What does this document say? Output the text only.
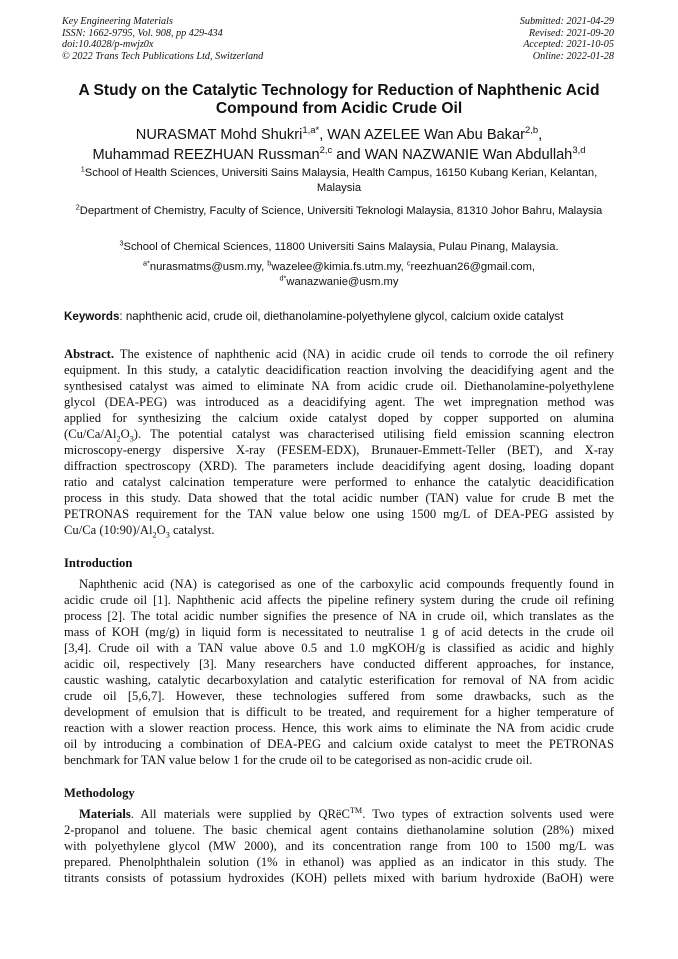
Key Engineering Materials
ISSN: 1662-9795, Vol. 908, pp 429-434
doi:10.4028/p-mwjz0x
© 2022 Trans Tech Publications Ltd, Switzerland
Submitted: 2021-04-29
Revised: 2021-09-20
Accepted: 2021-10-05
Online: 2022-01-28
A Study on the Catalytic Technology for Reduction of Naphthenic Acid
Compound from Acidic Crude Oil
NURASMAT Mohd Shukri$^{1,a*}$, WAN AZELEE Wan Abu Bakar$^{2,b}$,
Muhammad REEZHUAN Russman$^{2,c}$ and WAN NAZWANIE Wan Abdullah$^{3,d}$
$^1$School of Health Sciences, Universiti Sains Malaysia, Health Campus, 16150 Kubang Kerian, Kelantan, Malaysia
$^2$Department of Chemistry, Faculty of Science, Universiti Teknologi Malaysia, 81310 Johor Bahru, Malaysia
$^3$School of Chemical Sciences, 11800 Universiti Sains Malaysia, Pulau Pinang, Malaysia.
$^{a*}$nurasmatms@usm.my, $^b$wazelee@kimia.fs.utm.my, $^c$reezhuan26@gmail.com,
$^{d*}$wanazwanie@usm.my
Keywords: naphthenic acid, crude oil, diethanolamine-polyethylene glycol, calcium oxide catalyst
Abstract. The existence of naphthenic acid (NA) in acidic crude oil tends to corrode the oil refinery
equipment. In this study, a catalytic deacidification reaction involving the deacidifying agent and the
synthesised catalyst was aimed to eliminate NA from acidic crude oil. Diethanolamine-polyethylene
glycol (DEA-PEG) was introduced as a deacidifying agent. The wet impregnation method was
applied for synthesizing the calcium oxide catalyst doped by copper supported on alumina
$(Cu/Ca/Al_2O_3)$. The potential catalyst was characterised utilising field emission scanning electron
microscopy-energy dispersive X-ray (FESEM-EDX), Brunauer-Emmett-Teller (BET), and X-ray
diffraction spectroscopy (XRD). The parameters include deacidifying agent dosing, loading dopant
ratio and catalyst calcination temperature were performed to enhance the catalytic deacidification
process in this study. Data showed that the total acidic number (TAN) value for crude B met the
PETRONAS requirement for the TAN value below one using 1500 mg/L of DEA-PEG assisted by
Cu/Ca $(10:90)/Al_2O_3$ catalyst.
Introduction
Naphthenic acid (NA) is categorised as one of the carboxylic acid compounds frequently found in
acidic crude oil [1]. Naphthenic acid affects the pipeline refinery system during the crude oil refining
process [2]. The total acidic number signifies the presence of NA in crude oil, which translates as the
mass of KOH (mg/g) in liquid form is necessitated to neutralise 1 g of acid detects in the crude oil
[3,4]. Crude oil with a TAN value above 0.5 and 1.0 mgKOH/g is classified as acidic and highly
acidic oil, respectively [3]. Many researchers have conducted different approaches, for instance,
caustic washing, catalytic decarboxylation and catalytic esterification for removal of NA from acidic
crude oil [5,6,7]. However, these technologies suffered from some drawbacks, such as the
development of emulsion that is difficult to be treated, and requirement for a higher temperature of
reaction with a slower reaction process. Hence, this work aims to eliminate the NA from acidic crude
oil by introducing a combination of DEA-PEG and calcium oxide catalyst to meet the PETRONAS
benchmark for TAN value below 1 for the crude oil to be categorised as non-acidic crude oil.
Methodology
Materials. All materials were supplied by QRëC™. Two types of extraction solvents used were
2-propanol and toluene. The basic chemical agent contains diethanolamine solution (28%) mixed
with polyethylene glycol (MW 2000), and its concentration range from 100 to 1500 mg/L was
prepared. Phenolphthalein solution (1% in ethanol) was applied as an indicator in this study. The
titrants consists of potassium hydroxides (KOH) pellets mixed with barium hydroxide (BaOH) were
